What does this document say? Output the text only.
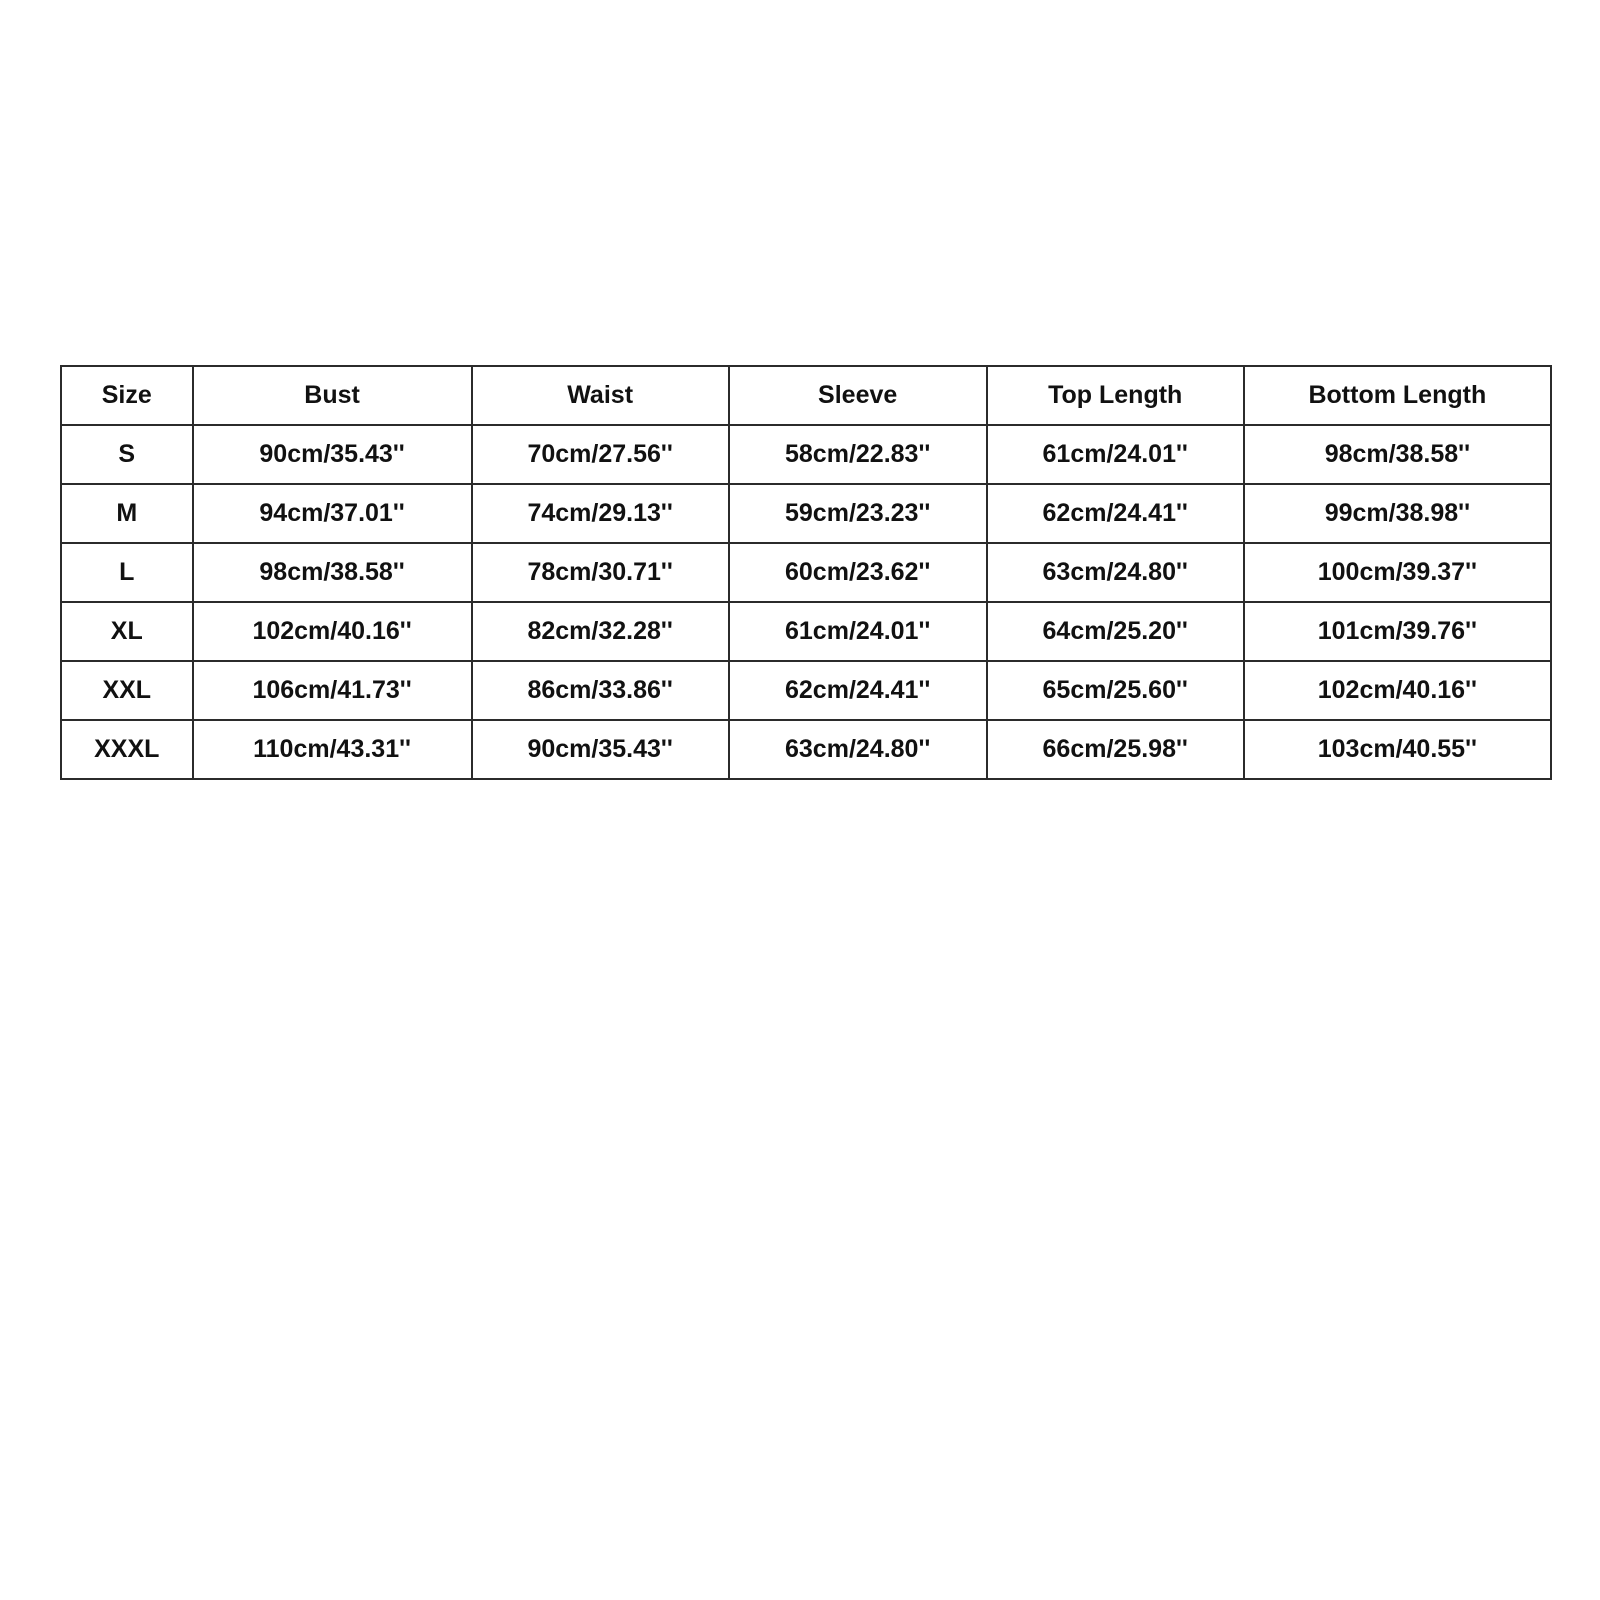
Size	Bust	Waist	Sleeve	Top Length	Bottom Length
S	90cm/35.43''	70cm/27.56''	58cm/22.83''	61cm/24.01''	98cm/38.58''
M	94cm/37.01''	74cm/29.13''	59cm/23.23''	62cm/24.41''	99cm/38.98''
L	98cm/38.58''	78cm/30.71''	60cm/23.62''	63cm/24.80''	100cm/39.37''
XL	102cm/40.16''	82cm/32.28''	61cm/24.01''	64cm/25.20''	101cm/39.76''
XXL	106cm/41.73''	86cm/33.86''	62cm/24.41''	65cm/25.60''	102cm/40.16''
XXXL	110cm/43.31''	90cm/35.43''	63cm/24.80''	66cm/25.98''	103cm/40.55''
